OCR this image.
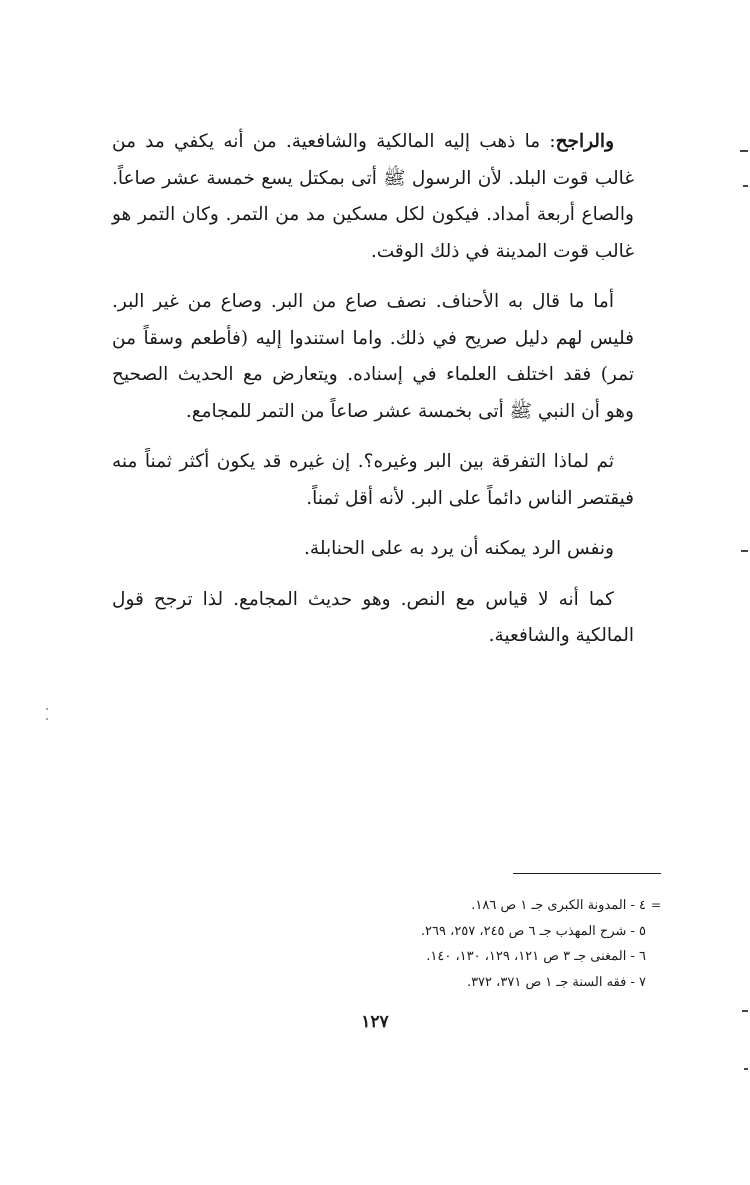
والراجح: ما ذهب إليه المالكية والشافعية. من أنه يكفي مد من غالب قوت البلد. لأن الرسول ﷺ أتى بمكتل يسع خمسة عشر صاعاً. والصاع أربعة أمداد. فيكون لكل مسكين مد من التمر. وكان التمر هو غالب قوت المدينة في ذلك الوقت.

أما ما قال به الأحناف. نصف صاع من البر. وصاع من غير البر. فليس لهم دليل صريح في ذلك. واما استندوا إليه (فأطعم وسقاً من تمر) فقد اختلف العلماء في إسناده. ويتعارض مع الحديث الصحيح وهو أن النبي ﷺ أتى بخمسة عشر صاعاً من التمر للمجامع.

ثم لماذا التفرقة بين البر وغيره؟. إن غيره قد يكون أكثر ثمناً منه فيقتصر الناس دائماً على البر. لأنه أقل ثمناً.

ونفس الرد يمكنه أن يرد به على الحنابلة.

كما أنه لا قياس مع النص. وهو حديث المجامع. لذا ترجح قول المالكية والشافعية.

=

٤ - المدونة الكبرى جـ ١ ص ١٨٦.

٥ - شرح المهذب جـ ٦ ص ٢٤٥، ٢٥٧، ٢٦٩.

٦ - المغنى جـ ٣ ص ١٢١، ١٢٩، ١٣٠، ١٤٠.

٧ - فقه السنة جـ ١ ص ٣٧١، ٣٧٢.

١٢٧
